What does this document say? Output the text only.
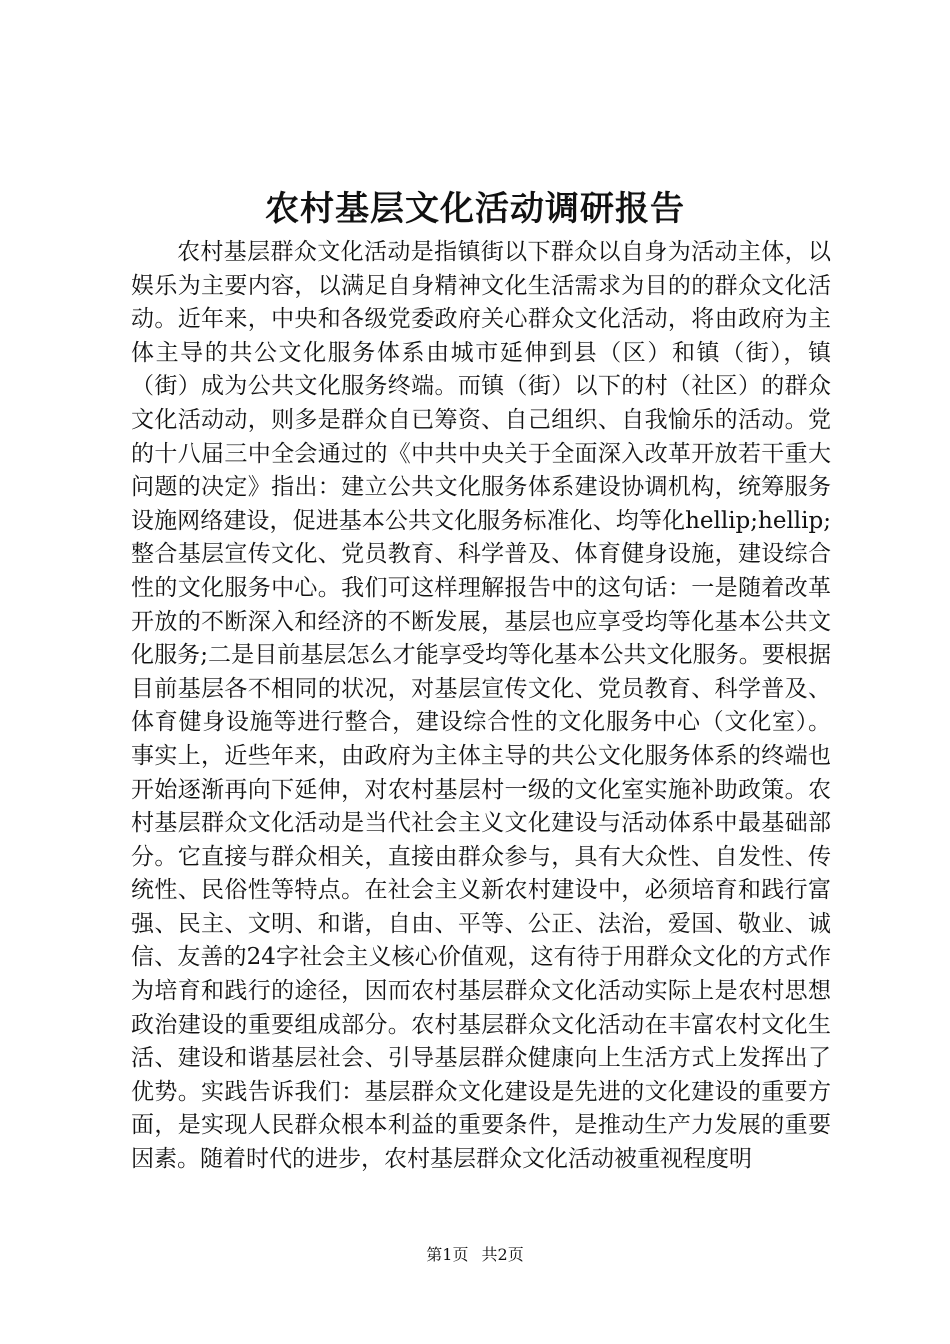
农村基层文化活动调研报告

农村基层群众文化活动是指镇街以下群众以自身为活动主体，以娱乐为主要内容，以满足自身精神文化生活需求为目的的群众文化活动。近年来，中央和各级党委政府关心群众文化活动，将由政府为主体主导的共公文化服务体系由城市延伸到县（区）和镇（街），镇（街）成为公共文化服务终端。而镇（街）以下的村（社区）的群众文化活动动，则多是群众自已筹资、自己组织、自我愉乐的活动。党的十八届三中全会通过的《中共中央关于全面深入改革开放若干重大问题的决定》指出：建立公共文化服务体系建设协调机构，统筹服务设施网络建设，促进基本公共文化服务标准化、均等化hellip;hellip;整合基层宣传文化、党员教育、科学普及、体育健身设施，建设综合性的文化服务中心。我们可这样理解报告中的这句话：一是随着改革开放的不断深入和经济的不断发展，基层也应享受均等化基本公共文化服务;二是目前基层怎么才能享受均等化基本公共文化服务。要根据目前基层各不相同的状况，对基层宣传文化、党员教育、科学普及、体育健身设施等进行整合，建设综合性的文化服务中心（文化室）。事实上，近些年来，由政府为主体主导的共公文化服务体系的终端也开始逐渐再向下延伸，对农村基层村一级的文化室实施补助政策。农村基层群众文化活动是当代社会主义文化建设与活动体系中最基础部分。它直接与群众相关，直接由群众参与，具有大众性、自发性、传统性、民俗性等特点。在社会主义新农村建设中，必须培育和践行富强、民主、文明、和谐，自由、平等、公正、法治，爱国、敬业、诚信、友善的24字社会主义核心价值观，这有待于用群众文化的方式作为培育和践行的途径，因而农村基层群众文化活动实际上是农村思想政治建设的重要组成部分。农村基层群众文化活动在丰富农村文化生活、建设和谐基层社会、引导基层群众健康向上生活方式上发挥出了优势。实践告诉我们：基层群众文化建设是先进的文化建设的重要方面，是实现人民群众根本利益的重要条件，是推动生产力发展的重要因素。随着时代的进步，农村基层群众文化活动被重视程度明

第1页 共2页
